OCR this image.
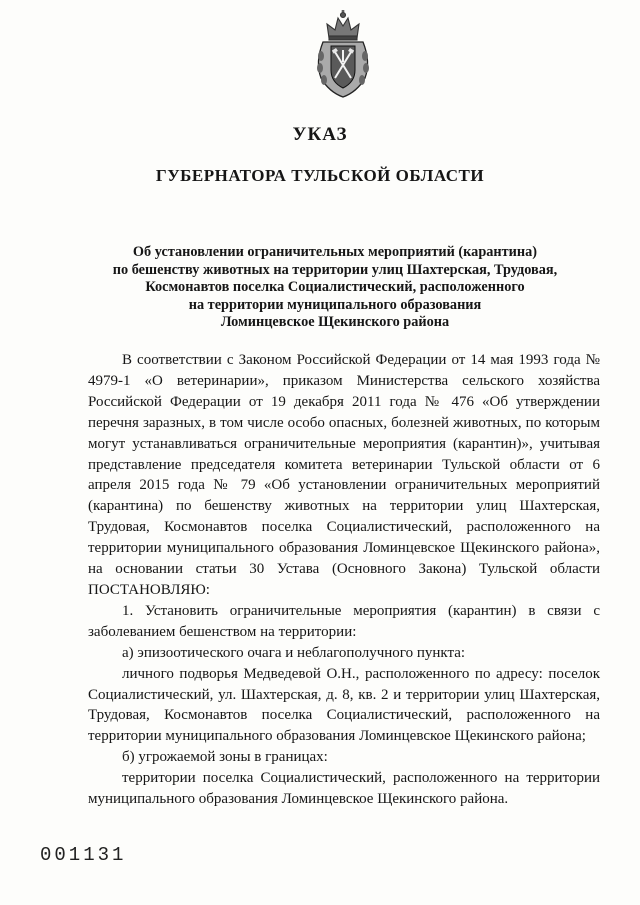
УКАЗ
ГУБЕРНАТОРА ТУЛЬСКОЙ ОБЛАСТИ
Об установлении ограничительных мероприятий (карантина)
по бешенству животных на территории улиц Шахтерская, Трудовая,
Космонавтов поселка Социалистический, расположенного
на территории муниципального образования
Ломинцевское Щекинского района
В соответствии с Законом Российской Федерации от 14 мая 1993 года № 4979-1 «О ветеринарии», приказом Министерства сельского хозяйства Российской Федерации от 19 декабря 2011 года № 476 «Об утверждении перечня заразных, в том числе особо опасных, болезней животных, по которым могут устанавливаться ограничительные мероприятия (карантин)», учитывая представление председателя комитета ветеринарии Тульской области от 6 апреля 2015 года № 79 «Об установлении ограничительных мероприятий (карантина) по бешенству животных на территории улиц Шахтерская, Трудовая, Космонавтов поселка Социалистический, расположенного на территории муниципального образования Ломинцевское Щекинского района», на основании статьи 30 Устава (Основного Закона) Тульской области ПОСТАНОВЛЯЮ:
1. Установить ограничительные мероприятия (карантин) в связи с заболеванием бешенством на территории:
а) эпизоотического очага и неблагополучного пункта:
личного подворья Медведевой О.Н., расположенного по адресу: поселок Социалистический, ул. Шахтерская, д. 8, кв. 2 и территории улиц Шахтерская, Трудовая, Космонавтов поселка Социалистический, расположенного на территории муниципального образования Ломинцевское Щекинского района;
б) угрожаемой зоны в границах:
территории поселка Социалистический, расположенного на территории муниципального образования Ломинцевское Щекинского района.
001131
